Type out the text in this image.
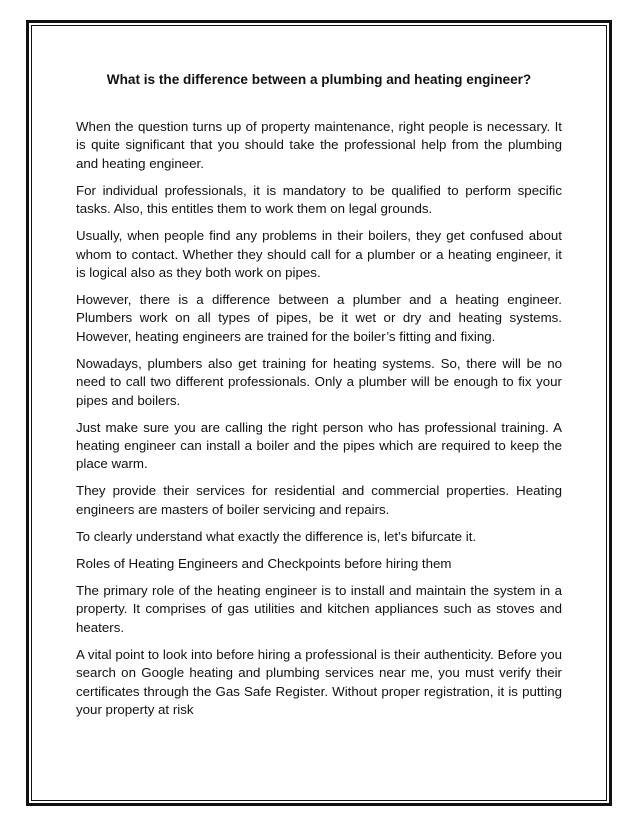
What is the difference between a plumbing and heating engineer?

When the question turns up of property maintenance, right people is necessary. It is quite significant that you should take the professional help from the plumbing and heating engineer.

For individual professionals, it is mandatory to be qualified to perform specific tasks. Also, this entitles them to work them on legal grounds.

Usually, when people find any problems in their boilers, they get confused about whom to contact. Whether they should call for a plumber or a heating engineer, it is logical also as they both work on pipes.

However, there is a difference between a plumber and a heating engineer. Plumbers work on all types of pipes, be it wet or dry and heating systems. However, heating engineers are trained for the boiler’s fitting and fixing.

Nowadays, plumbers also get training for heating systems. So, there will be no need to call two different professionals. Only a plumber will be enough to fix your pipes and boilers.

Just make sure you are calling the right person who has professional training. A heating engineer can install a boiler and the pipes which are required to keep the place warm.

They provide their services for residential and commercial properties. Heating engineers are masters of boiler servicing and repairs.

To clearly understand what exactly the difference is, let’s bifurcate it.

Roles of Heating Engineers and Checkpoints before hiring them

The primary role of the heating engineer is to install and maintain the system in a property. It comprises of gas utilities and kitchen appliances such as stoves and heaters.

A vital point to look into before hiring a professional is their authenticity. Before you search on Google heating and plumbing services near me, you must verify their certificates through the Gas Safe Register. Without proper registration, it is putting your property at risk
